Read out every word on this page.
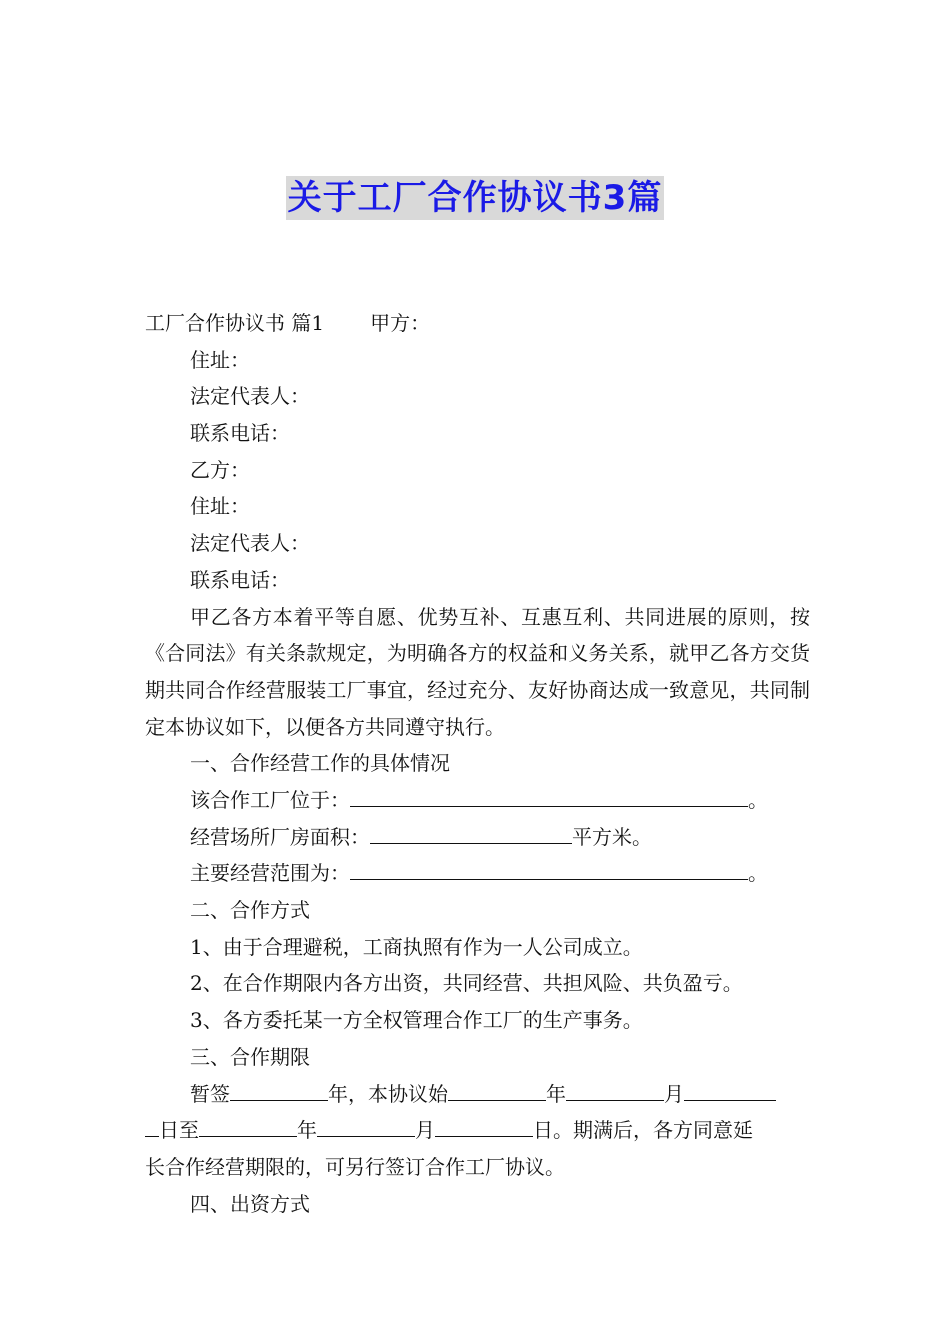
关于工厂合作协议书3篇
工厂合作协议书 篇1 甲方：
住址：
法定代表人：
联系电话：
乙方：
住址：
法定代表人：
联系电话：

甲乙各方本着平等自愿、优势互补、互惠互利、共同进展的原则，按《合同法》有关条款规定，为明确各方的权益和义务关系，就甲乙各方交货期共同合作经营服装工厂事宜，经过充分、友好协商达成一致意见，共同制定本协议如下，以便各方共同遵守执行。

一、合作经营工作的具体情况
该合作工厂位于：	。
经营场所厂房面积：	平方米。
主要经营范围为：	。
二、合作方式
1、由于合理避税，工商执照有作为一人公司成立。
2、在合作期限内各方出资，共同经营、共担风险、共负盈亏。
3、各方委托某一方全权管理合作工厂的生产事务。
三、合作期限
暂签	年，本协议始	年	月
日至	年	月	日。期满后，各方同意延
长合作经营期限的，可另行签订合作工厂协议。
四、出资方式
